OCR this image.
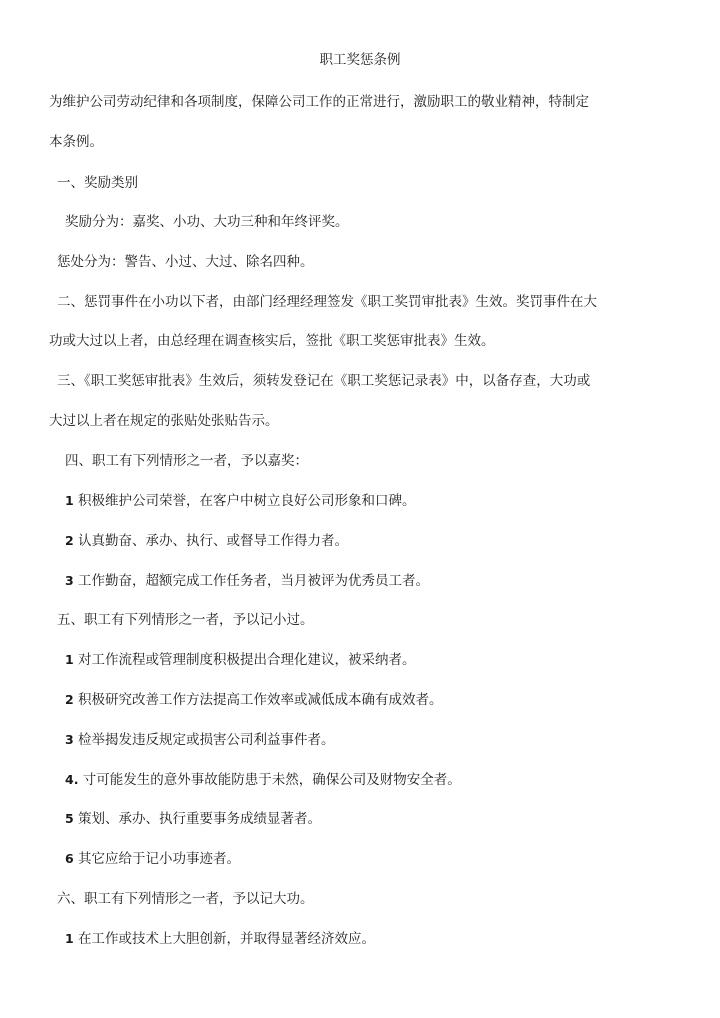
职工奖惩条例
为维护公司劳动纪律和各项制度，保障公司工作的正常进行，激励职工的敬业精神，特制定
本条例。
一、奖励类别
奖励分为：嘉奖、小功、大功三种和年终评奖。
惩处分为：警告、小过、大过、除名四种。
二、惩罚事件在小功以下者，由部门经理经理签发《职工奖罚审批表》生效。奖罚事件在大
功或大过以上者，由总经理在调查核实后，签批《职工奖惩审批表》生效。
三、《职工奖惩审批表》生效后，须转发登记在《职工奖惩记录表》中，以备存查，大功或
大过以上者在规定的张贴处张贴告示。
四、职工有下列情形之一者，予以嘉奖：
1 积极维护公司荣誉，在客户中树立良好公司形象和口碑。
2 认真勤奋、承办、执行、或督导工作得力者。
3 工作勤奋，超额完成工作任务者，当月被评为优秀员工者。
五、职工有下列情形之一者，予以记小过。
1 对工作流程或管理制度积极提出合理化建议，被采纳者。
2 积极研究改善工作方法提高工作效率或减低成本确有成效者。
3 检举揭发违反规定或损害公司利益事件者。
4. 寸可能发生的意外事故能防患于未然，确保公司及财物安全者。
5 策划、承办、执行重要事务成绩显著者。
6 其它应给于记小功事迹者。
六、职工有下列情形之一者，予以记大功。
1 在工作或技术上大胆创新，并取得显著经济效应。
